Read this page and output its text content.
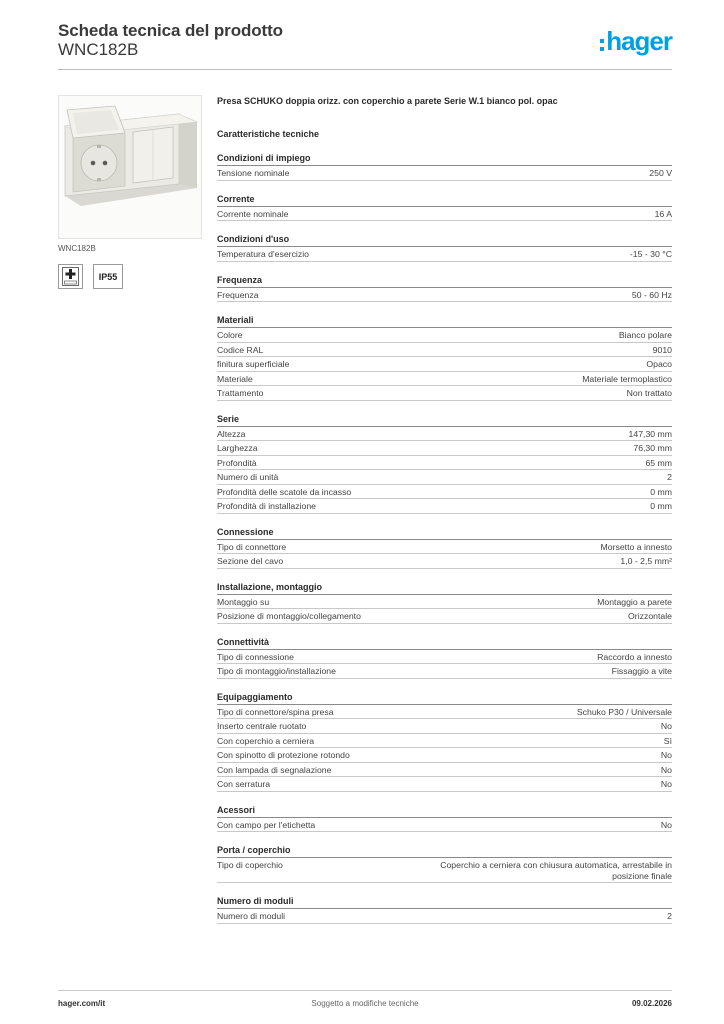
Scheda tecnica del prodotto
WNC182B	hager
WNC182B
IP55
Presa SCHUKO doppia orizz. con coperchio a parete Serie W.1 bianco pol. opac
Caratteristiche tecniche
Condizioni di impiego
Tensione nominale	250 V
Corrente
Corrente nominale	16 A
Condizioni d'uso
Temperatura d'esercizio	-15 - 30 °C
Frequenza
Frequenza	50 - 60 Hz
Materiali
Colore	Bianco polare
Codice RAL	9010
finitura superficiale	Opaco
Materiale	Materiale termoplastico
Trattamento	Non trattato
Serie
Altezza	147,30 mm
Larghezza	76,30 mm
Profondità	65 mm
Numero di unità	2
Profondità delle scatole da incasso	0 mm
Profondità di installazione	0 mm
Connessione
Tipo di connettore	Morsetto a innesto
Sezione del cavo	1,0 - 2,5 mm²
Installazione, montaggio
Montaggio su	Montaggio a parete
Posizione di montaggio/collegamento	Orizzontale
Connettività
Tipo di connessione	Raccordo a innesto
Tipo di montaggio/installazione	Fissaggio a vite
Equipaggiamento
Tipo di connettore/spina presa	Schuko P30 / Universale
Inserto centrale ruotato	No
Con coperchio a cerniera	Sì
Con spinotto di protezione rotondo	No
Con lampada di segnalazione	No
Con serratura	No
Acessori
Con campo per l'etichetta	No
Porta / coperchio
Tipo di coperchio	Coperchio a cerniera con chiusura automatica, arrestabile in posizione finale
Numero di moduli
Numero di moduli	2
hager.com/it	Soggetto a modifiche tecniche	09.02.2026
